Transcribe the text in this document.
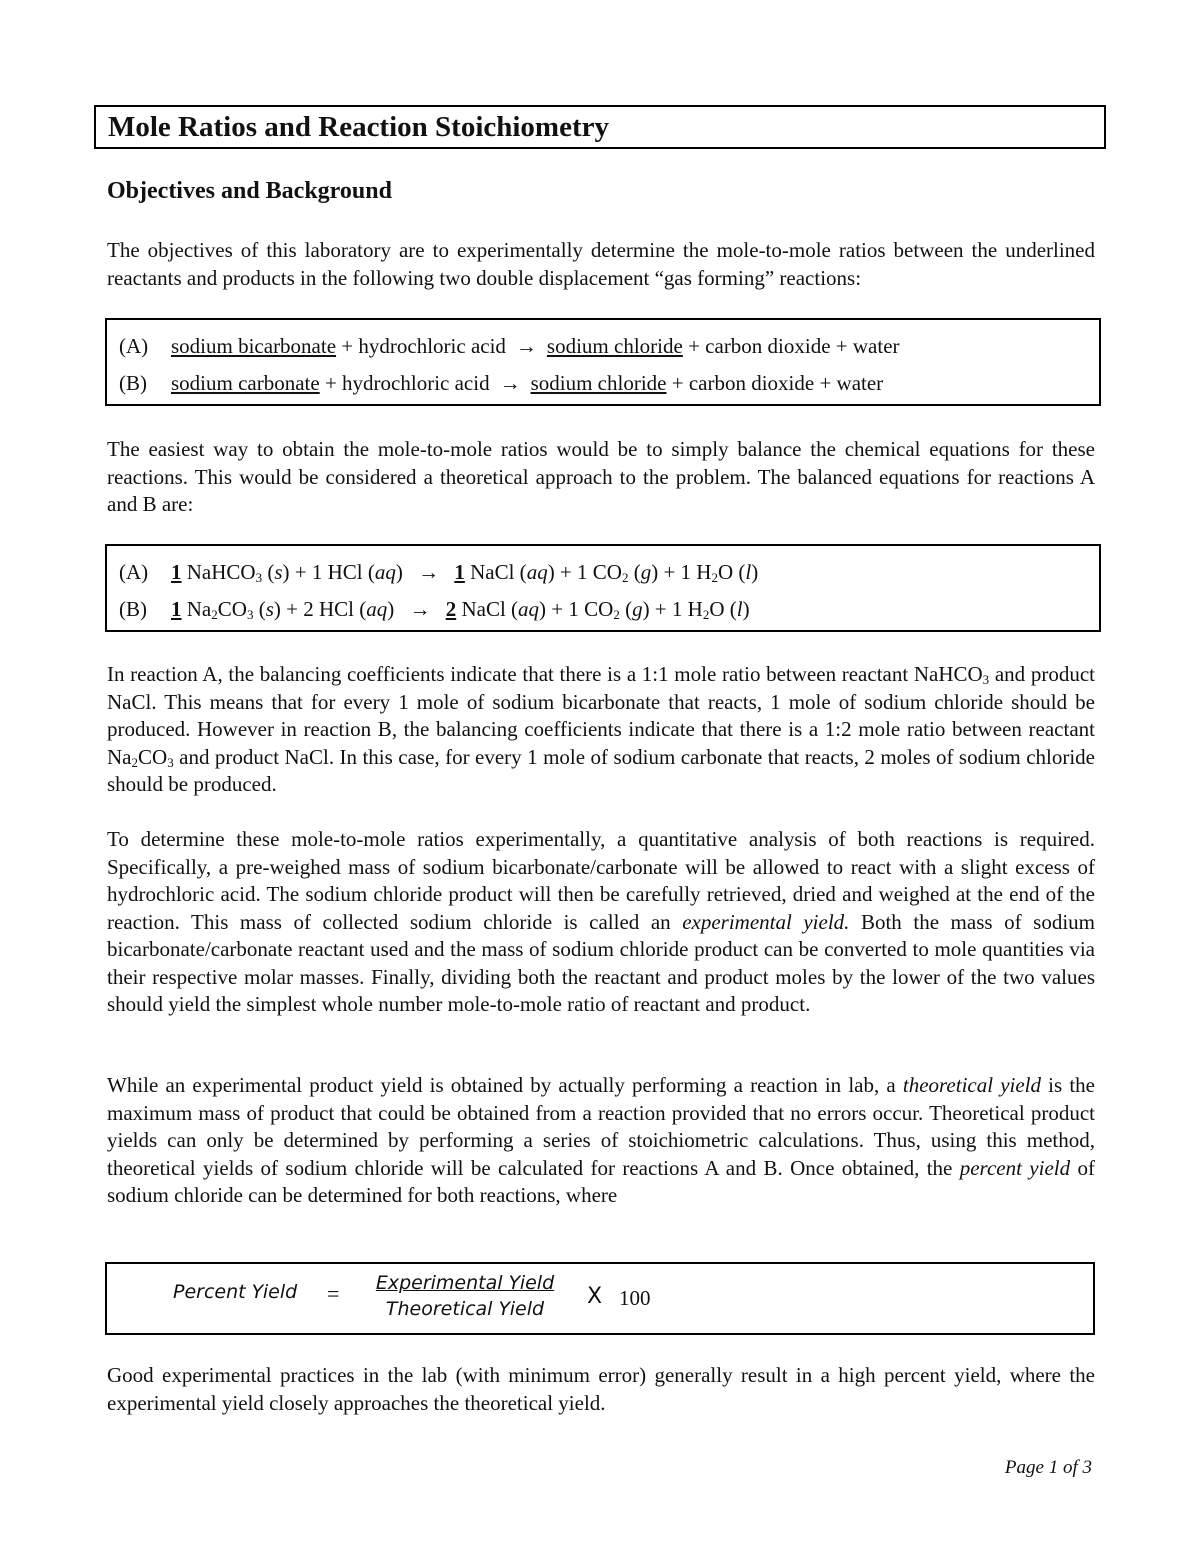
Mole Ratios and Reaction Stoichiometry
Objectives and Background

The objectives of this laboratory are to experimentally determine the mole-to-mole ratios between the underlined reactants and products in the following two double displacement “gas forming” reactions:

(A) sodium bicarbonate + hydrochloric acid → sodium chloride + carbon dioxide + water
(B) sodium carbonate + hydrochloric acid → sodium chloride + carbon dioxide + water

The easiest way to obtain the mole-to-mole ratios would be to simply balance the chemical equations for these reactions. This would be considered a theoretical approach to the problem. The balanced equations for reactions A and B are:

(A) 1 NaHCO$_3$ (s) + 1 HCl (aq) → 1 NaCl (aq) + 1 $CO_2$ (g) + 1 $H_2O$ (l)
(B) 1 $Na_2CO_3$ (s) + 2 HCl (aq) → 2 NaCl (aq) + 1 $CO_2$ (g) + 1 $H_2O$ (l)

In reaction A, the balancing coefficients indicate that there is a 1:1 mole ratio between reactant NaHCO$_3$ and product NaCl. This means that for every 1 mole of sodium bicarbonate that reacts, 1 mole of sodium chloride should be produced. However in reaction B, the balancing coefficients indicate that there is a 1:2 mole ratio between reactant $Na_2CO_3$ and product NaCl. In this case, for every 1 mole of sodium carbonate that reacts, 2 moles of sodium chloride should be produced.

To determine these mole-to-mole ratios experimentally, a quantitative analysis of both reactions is required. Specifically, a pre-weighed mass of sodium bicarbonate/carbonate will be allowed to react with a slight excess of hydrochloric acid. The sodium chloride product will then be carefully retrieved, dried and weighed at the end of the reaction. This mass of collected sodium chloride is called an experimental yield. Both the mass of sodium bicarbonate/carbonate reactant used and the mass of sodium chloride product can be converted to mole quantities via their respective molar masses. Finally, dividing both the reactant and product moles by the lower of the two values should yield the simplest whole number mole-to-mole ratio of reactant and product.

While an experimental product yield is obtained by actually performing a reaction in lab, a theoretical yield is the maximum mass of product that could be obtained from a reaction provided that no errors occur. Theoretical product yields can only be determined by performing a series of stoichiometric calculations. Thus, using this method, theoretical yields of sodium chloride will be calculated for reactions A and B. Once obtained, the percent yield of sodium chloride can be determined for both reactions, where

Percent Yield = Experimental Yield
Theoretical Yield	X 100

Good experimental practices in the lab (with minimum error) generally result in a high percent yield, where the experimental yield closely approaches the theoretical yield.

Page 1 of 3
